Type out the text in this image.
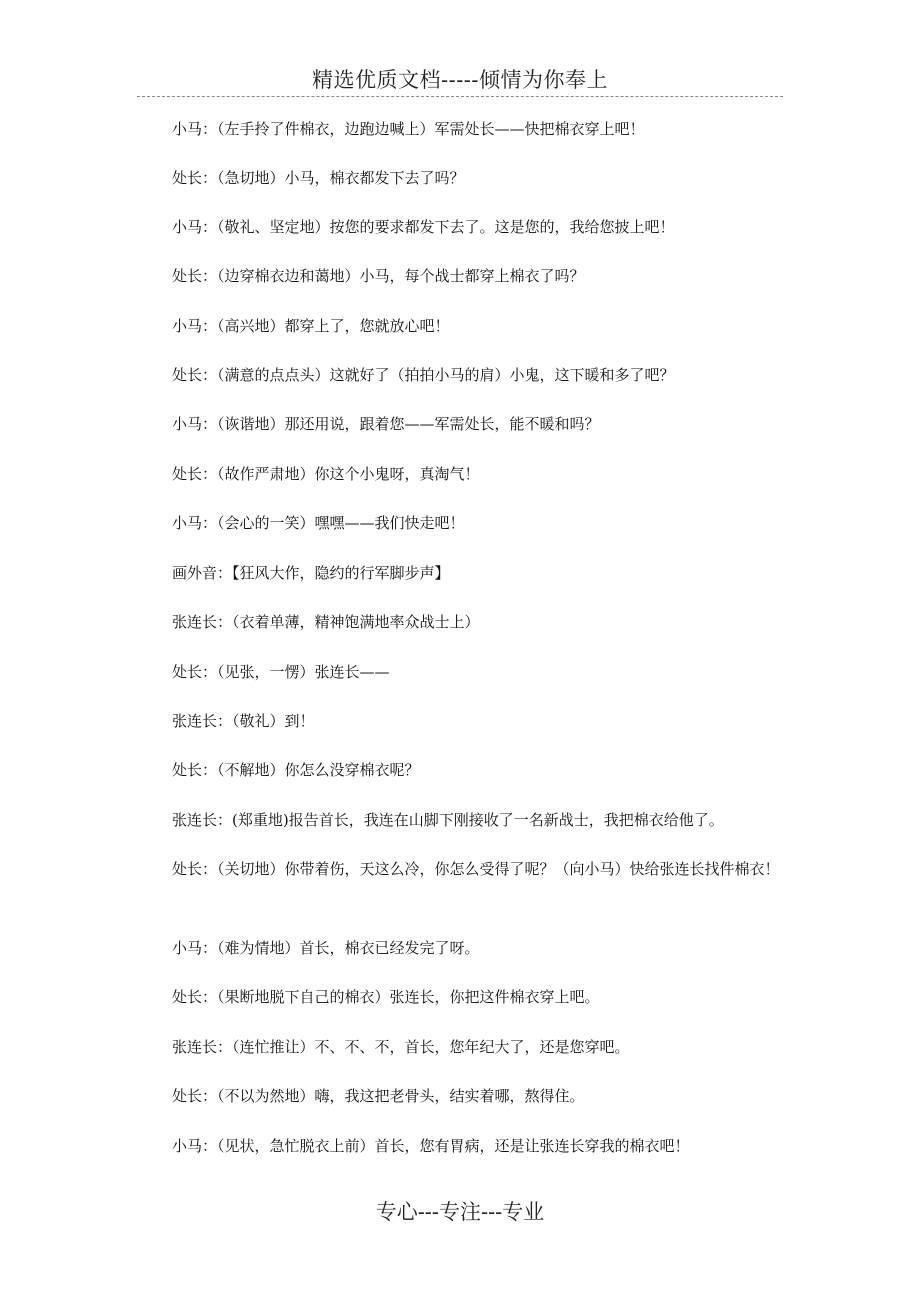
精选优质文档-----倾情为你奉上
小马：（左手拎了件棉衣，边跑边喊上）军需处长——快把棉衣穿上吧！
处长：（急切地）小马，棉衣都发下去了吗？
小马：（敬礼、坚定地）按您的要求都发下去了。这是您的，我给您披上吧！
处长：（边穿棉衣边和蔼地）小马，每个战士都穿上棉衣了吗？
小马：（高兴地）都穿上了，您就放心吧！
处长：（满意的点点头）这就好了（拍拍小马的肩）小鬼，这下暖和多了吧？
小马：（诙谐地）那还用说，跟着您——军需处长，能不暖和吗？
处长：（故作严肃地）你这个小鬼呀，真淘气！
小马：（会心的一笑）嘿嘿——我们快走吧！
画外音：【狂风大作，隐约的行军脚步声】
张连长：（衣着单薄，精神饱满地率众战士上）
处长：（见张，一愣）张连长——
张连长：（敬礼）到！
处长：（不解地）你怎么没穿棉衣呢？
张连长：(郑重地)报告首长，我连在山脚下刚接收了一名新战士，我把棉衣给他了。
处长：（关切地）你带着伤，天这么冷，你怎么受得了呢？（向小马）快给张连长找件棉衣！
小马：（难为情地）首长，棉衣已经发完了呀。
处长：（果断地脱下自己的棉衣）张连长，你把这件棉衣穿上吧。
张连长：（连忙推让）不、不、不，首长，您年纪大了，还是您穿吧。
处长：（不以为然地）嗨，我这把老骨头，结实着哪，熬得住。
小马：（见状，急忙脱衣上前）首长，您有胃病，还是让张连长穿我的棉衣吧！
专心---专注---专业
